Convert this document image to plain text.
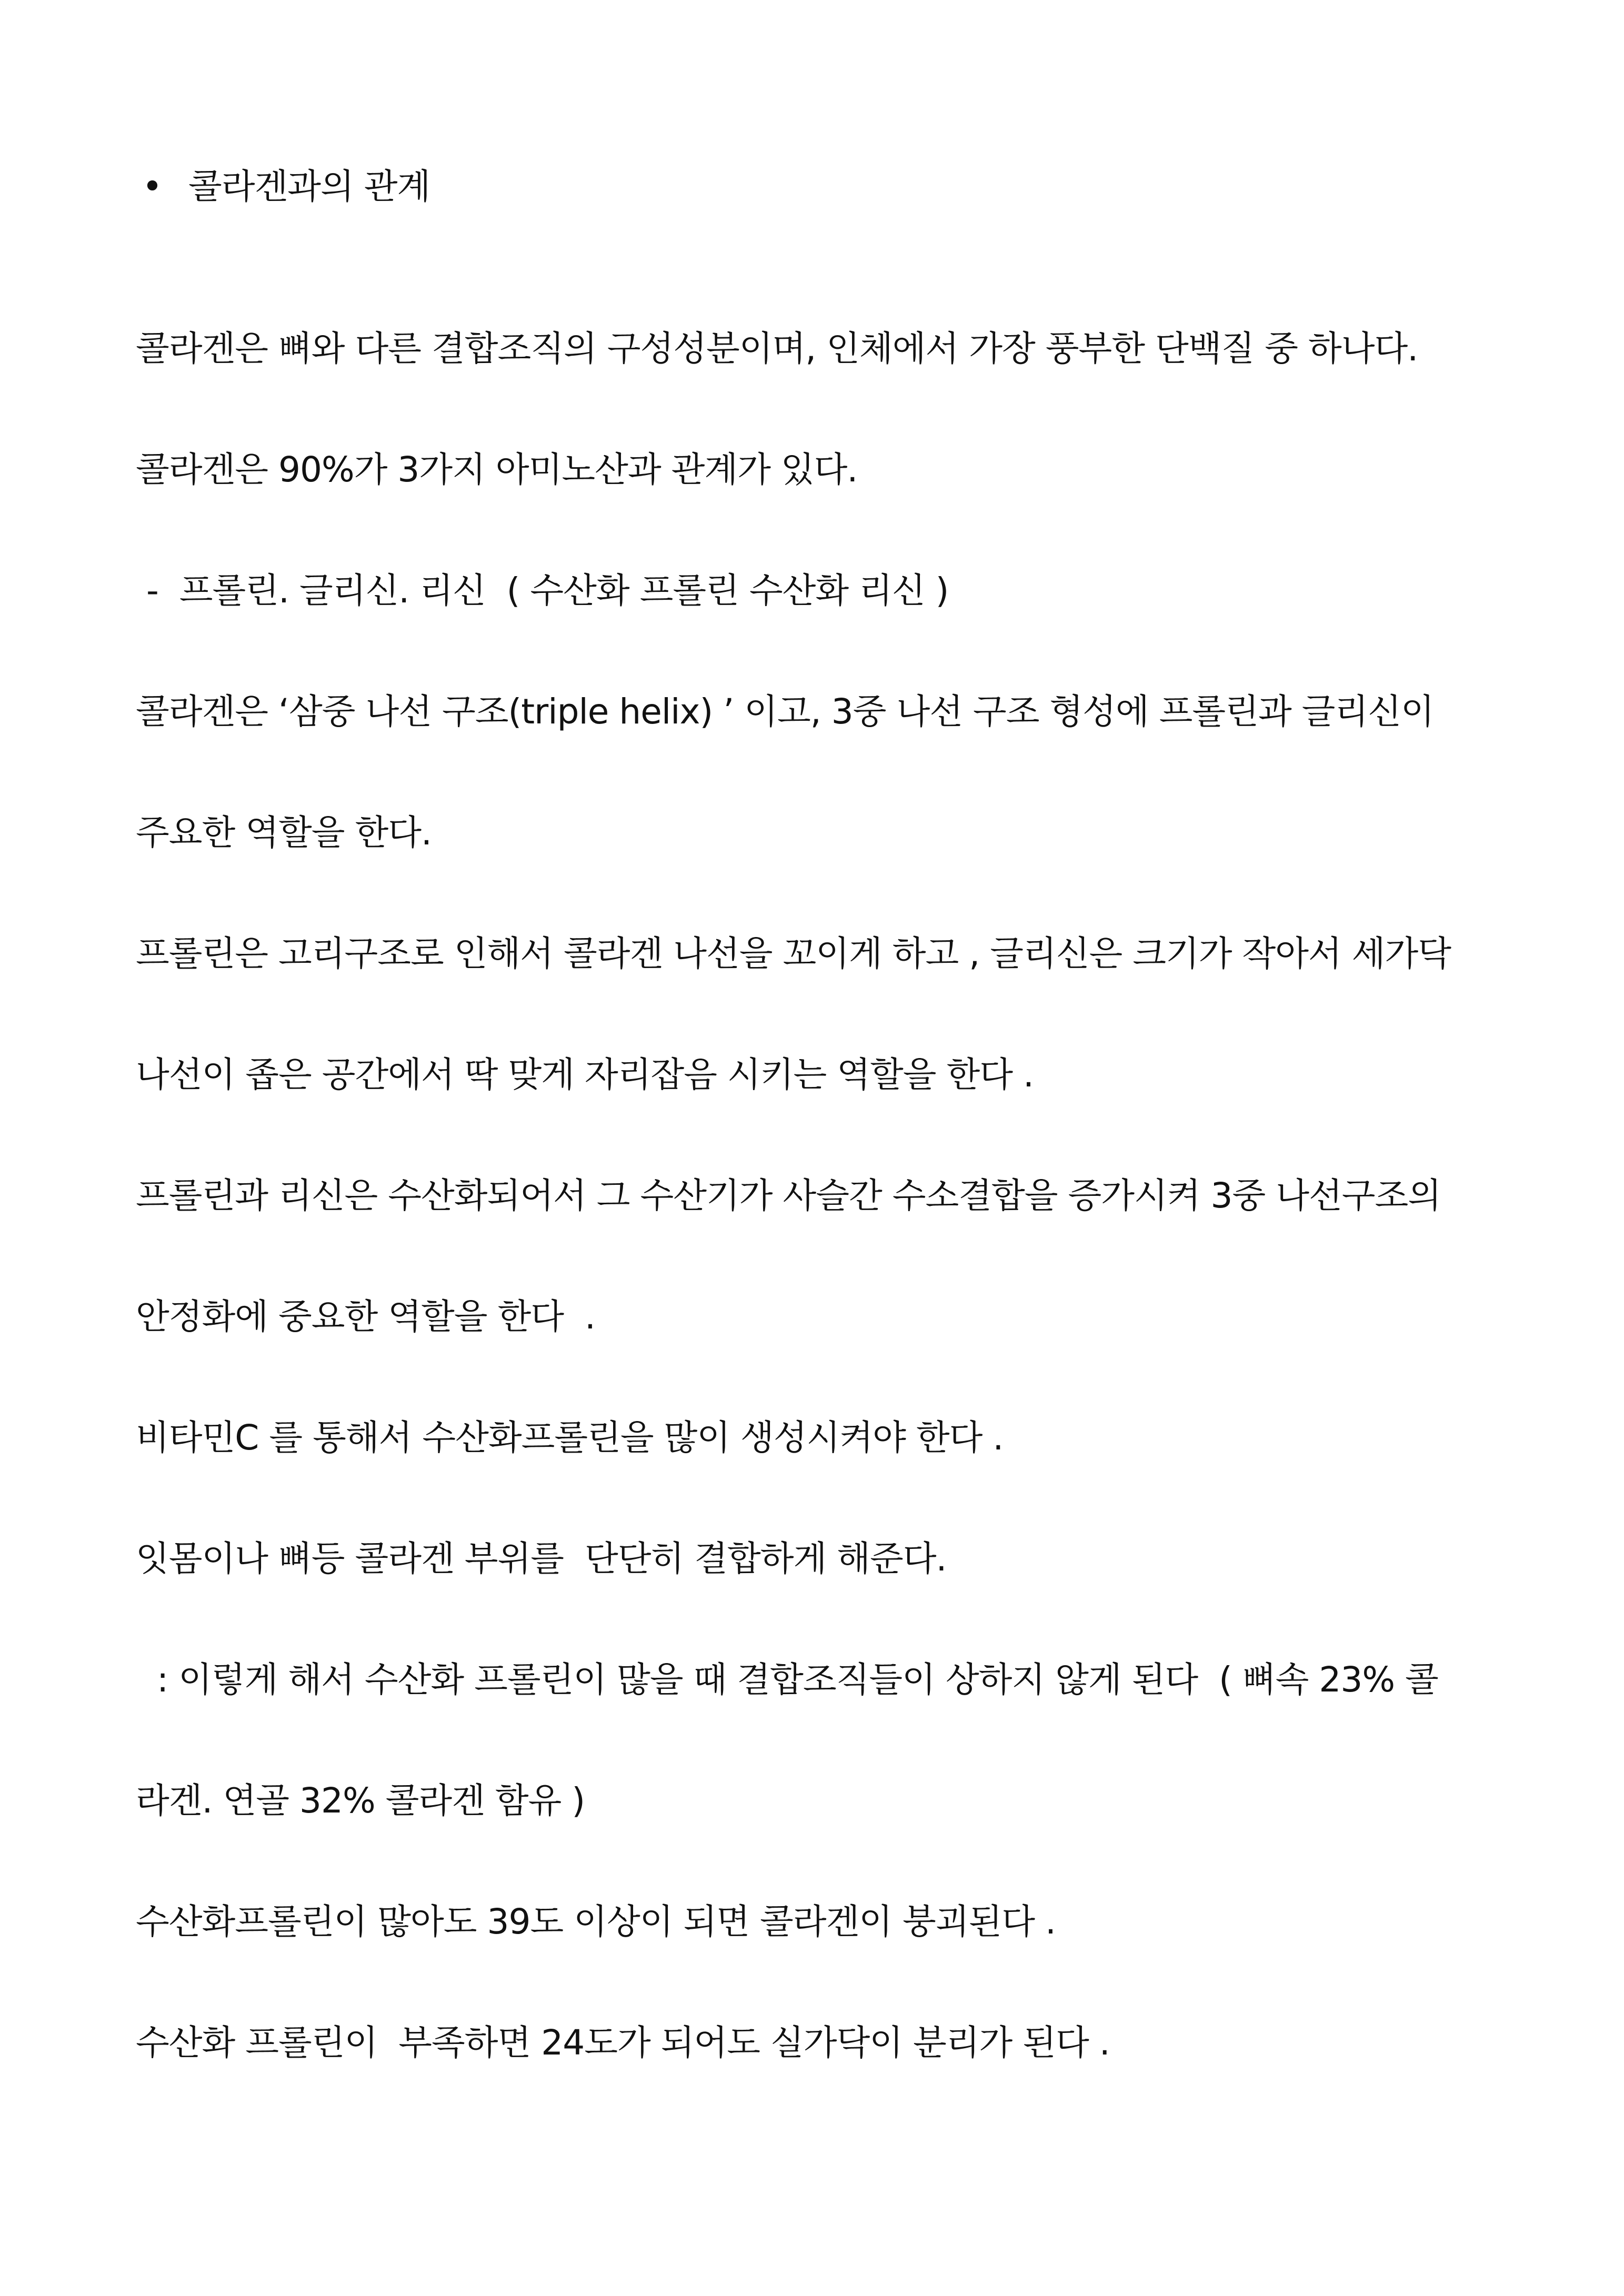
• 콜라겐과의 관계
콜라겐은 뼈와 다른 결합조직의 구성성분이며, 인체에서 가장 풍부한 단백질 중 하나다.
콜라겐은 90%가 3가지 아미노산과 관계가 있다.
-  프롤린. 글리신. 리신  ( 수산화 프롤린 수산화 리신 )
콜라겐은 ‘삼중 나선 구조(triple helix) ’ 이고, 3중 나선 구조 형성에 프롤린과 글리신이
주요한 역할을 한다.
프롤린은 고리구조로 인해서 콜라겐 나선을 꼬이게 하고 , 글리신은 크기가 작아서 세가닥
나선이 좁은 공간에서 딱 맞게 자리잡음 시키는 역할을 한다 .
프롤린과 리신은 수산화되어서 그 수산기가 사슬간 수소결합을 증가시켜 3중 나선구조의
안정화에 중요한 역할을 한다  .
비타민C 를 통해서 수산화프롤린을 많이 생성시켜야 한다 .
잇몸이나 뼈등 콜라겐 부위를  단단히 결합하게 해준다.
: 이렇게 해서 수산화 프롤린이 많을 때 결합조직들이 상하지 않게 된다  ( 뼈속 23% 콜
라겐. 연골 32% 콜라겐 함유 )
수산화프롤린이 많아도 39도 이상이 되면 콜라겐이 붕괴된다 .
수산화 프롤린이  부족하면 24도가 되어도 실가닥이 분리가 된다 .
